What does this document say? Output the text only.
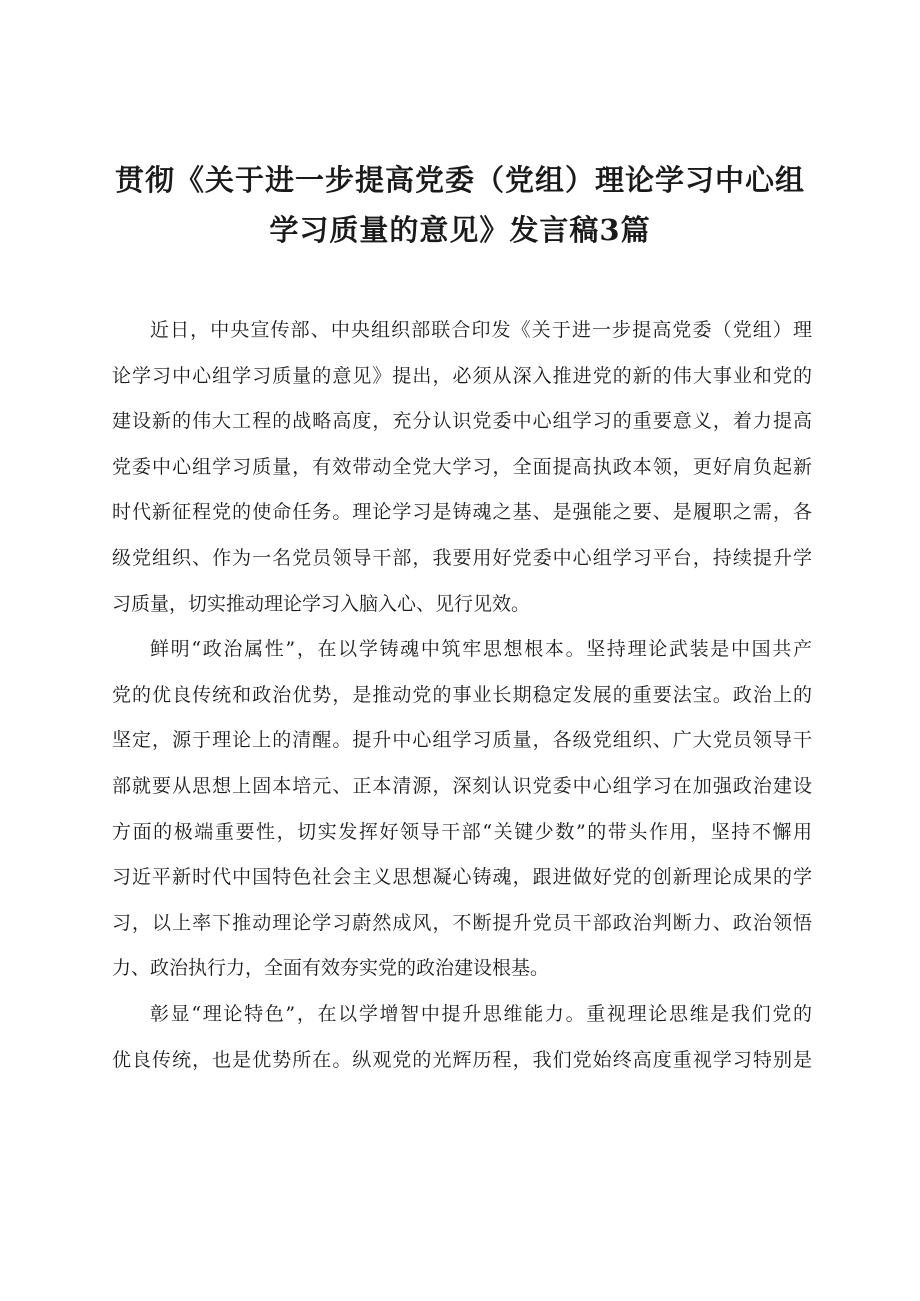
贯彻《关于进一步提高党委（党组）理论学习中心组
学习质量的意见》发言稿3篇

近日，中央宣传部、中央组织部联合印发《关于进一步提高党委（党组）理
论学习中心组学习质量的意见》提出，必须从深入推进党的新的伟大事业和党的
建设新的伟大工程的战略高度，充分认识党委中心组学习的重要意义，着力提高
党委中心组学习质量，有效带动全党大学习，全面提高执政本领，更好肩负起新
时代新征程党的使命任务。理论学习是铸魂之基、是强能之要、是履职之需，各
级党组织、作为一名党员领导干部，我要用好党委中心组学习平台，持续提升学
习质量，切实推动理论学习入脑入心、见行见效。

鲜明“政治属性”，在以学铸魂中筑牢思想根本。坚持理论武装是中国共产
党的优良传统和政治优势，是推动党的事业长期稳定发展的重要法宝。政治上的
坚定，源于理论上的清醒。提升中心组学习质量，各级党组织、广大党员领导干
部就要从思想上固本培元、正本清源，深刻认识党委中心组学习在加强政治建设
方面的极端重要性，切实发挥好领导干部“关键少数”的带头作用，坚持不懈用
习近平新时代中国特色社会主义思想凝心铸魂，跟进做好党的创新理论成果的学
习，以上率下推动理论学习蔚然成风，不断提升党员干部政治判断力、政治领悟
力、政治执行力，全面有效夯实党的政治建设根基。

彰显“理论特色”，在以学增智中提升思维能力。重视理论思维是我们党的
优良传统，也是优势所在。纵观党的光辉历程，我们党始终高度重视学习特别是
